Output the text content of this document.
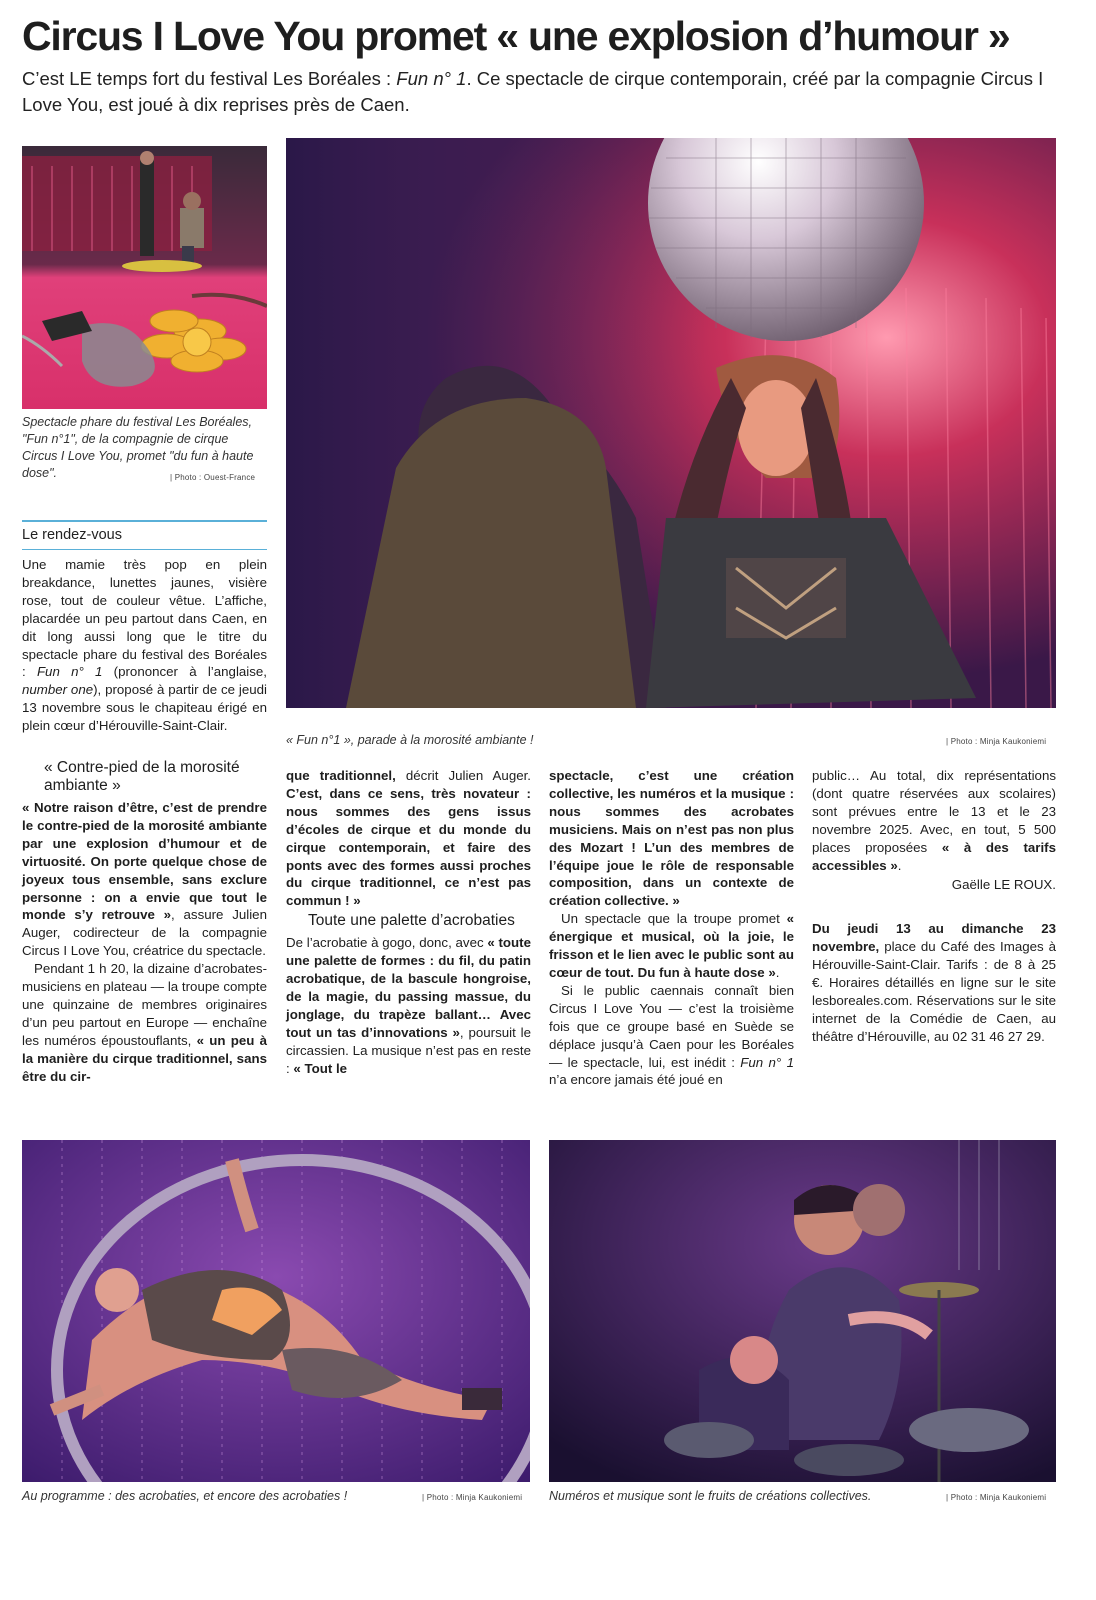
Circus I Love You promet « une explosion d’humour »
C’est LE temps fort du festival Les Boréales : Fun n° 1. Ce spectacle de cirque contemporain, créé par la compagnie Circus I Love You, est joué à dix reprises près de Caen.
Spectacle phare du festival Les Boréales, "Fun n°1", de la compagnie de cirque Circus I Love You, promet "du fun à haute dose".	| Photo : Ouest-France
« Fun n°1 », parade à la morosité ambiante !	| Photo : Minja Kaukoniemi
Le rendez-vous

Une mamie très pop en plein breakdance, lunettes jaunes, visière rose, tout de couleur vêtue. L’affiche, placardée un peu partout dans Caen, en dit long aussi long que le titre du spectacle phare du festival des Boréales : Fun n° 1 (prononcer à l’anglaise, number one), proposé à partir de ce jeudi 13 novembre sous le chapiteau érigé en plein cœur d’Hérouville-Saint-Clair.

« Contre-pied de la morosité ambiante »

« Notre raison d’être, c’est de prendre le contre-pied de la morosité ambiante par une explosion d’humour et de virtuosité. On porte quelque chose de joyeux tous ensemble, sans exclure personne : on a envie que tout le monde s’y retrouve », assure Julien Auger, codirecteur de la compagnie Circus I Love You, créatrice du spectacle.

Pendant 1 h 20, la dizaine d’acrobates-musiciens en plateau — la troupe compte une quinzaine de membres originaires d’un peu partout en Europe — enchaîne les numéros époustouflants, « un peu à la manière du cirque traditionnel, sans être du cir-

que traditionnel, décrit Julien Auger. C’est, dans ce sens, très novateur : nous sommes des gens issus d’écoles de cirque et du monde du cirque contemporain, et faire des ponts avec des formes aussi proches du cirque traditionnel, ce n’est pas commun ! »

Toute une palette d’acrobaties

De l’acrobatie à gogo, donc, avec « toute une palette de formes : du fil, du patin acrobatique, de la bascule hongroise, de la magie, du passing massue, du jonglage, du trapèze ballant… Avec tout un tas d’innovations », poursuit le circassien. La musique n’est pas en reste : « Tout le

spectacle, c’est une création collective, les numéros et la musique : nous sommes des acrobates musiciens. Mais on n’est pas non plus des Mozart ! L’un des membres de l’équipe joue le rôle de responsable composition, dans un contexte de création collective. »

Un spectacle que la troupe promet « énergique et musical, où la joie, le frisson et le lien avec le public sont au cœur de tout. Du fun à haute dose ».

Si le public caennais connaît bien Circus I Love You — c’est la troisième fois que ce groupe basé en Suède se déplace jusqu’à Caen pour les Boréales — le spectacle, lui, est inédit : Fun n° 1 n’a encore jamais été joué en

public… Au total, dix représentations (dont quatre réservées aux scolaires) sont prévues entre le 13 et le 23 novembre 2025. Avec, en tout, 5 500 places proposées « à des tarifs accessibles ».

Gaëlle LE ROUX.

Du jeudi 13 au dimanche 23 novembre, place du Café des Images à Hérouville-Saint-Clair. Tarifs : de 8 à 25 €. Horaires détaillés en ligne sur le site lesboreales.com. Réservations sur le site internet de la Comédie de Caen, au théâtre d’Hérouville, au 02 31 46 27 29.

Au programme : des acrobaties, et encore des acrobaties !	| Photo : Minja Kaukoniemi Numéros et musique sont le fruits de créations collectives.	| Photo : Minja Kaukoniemi
